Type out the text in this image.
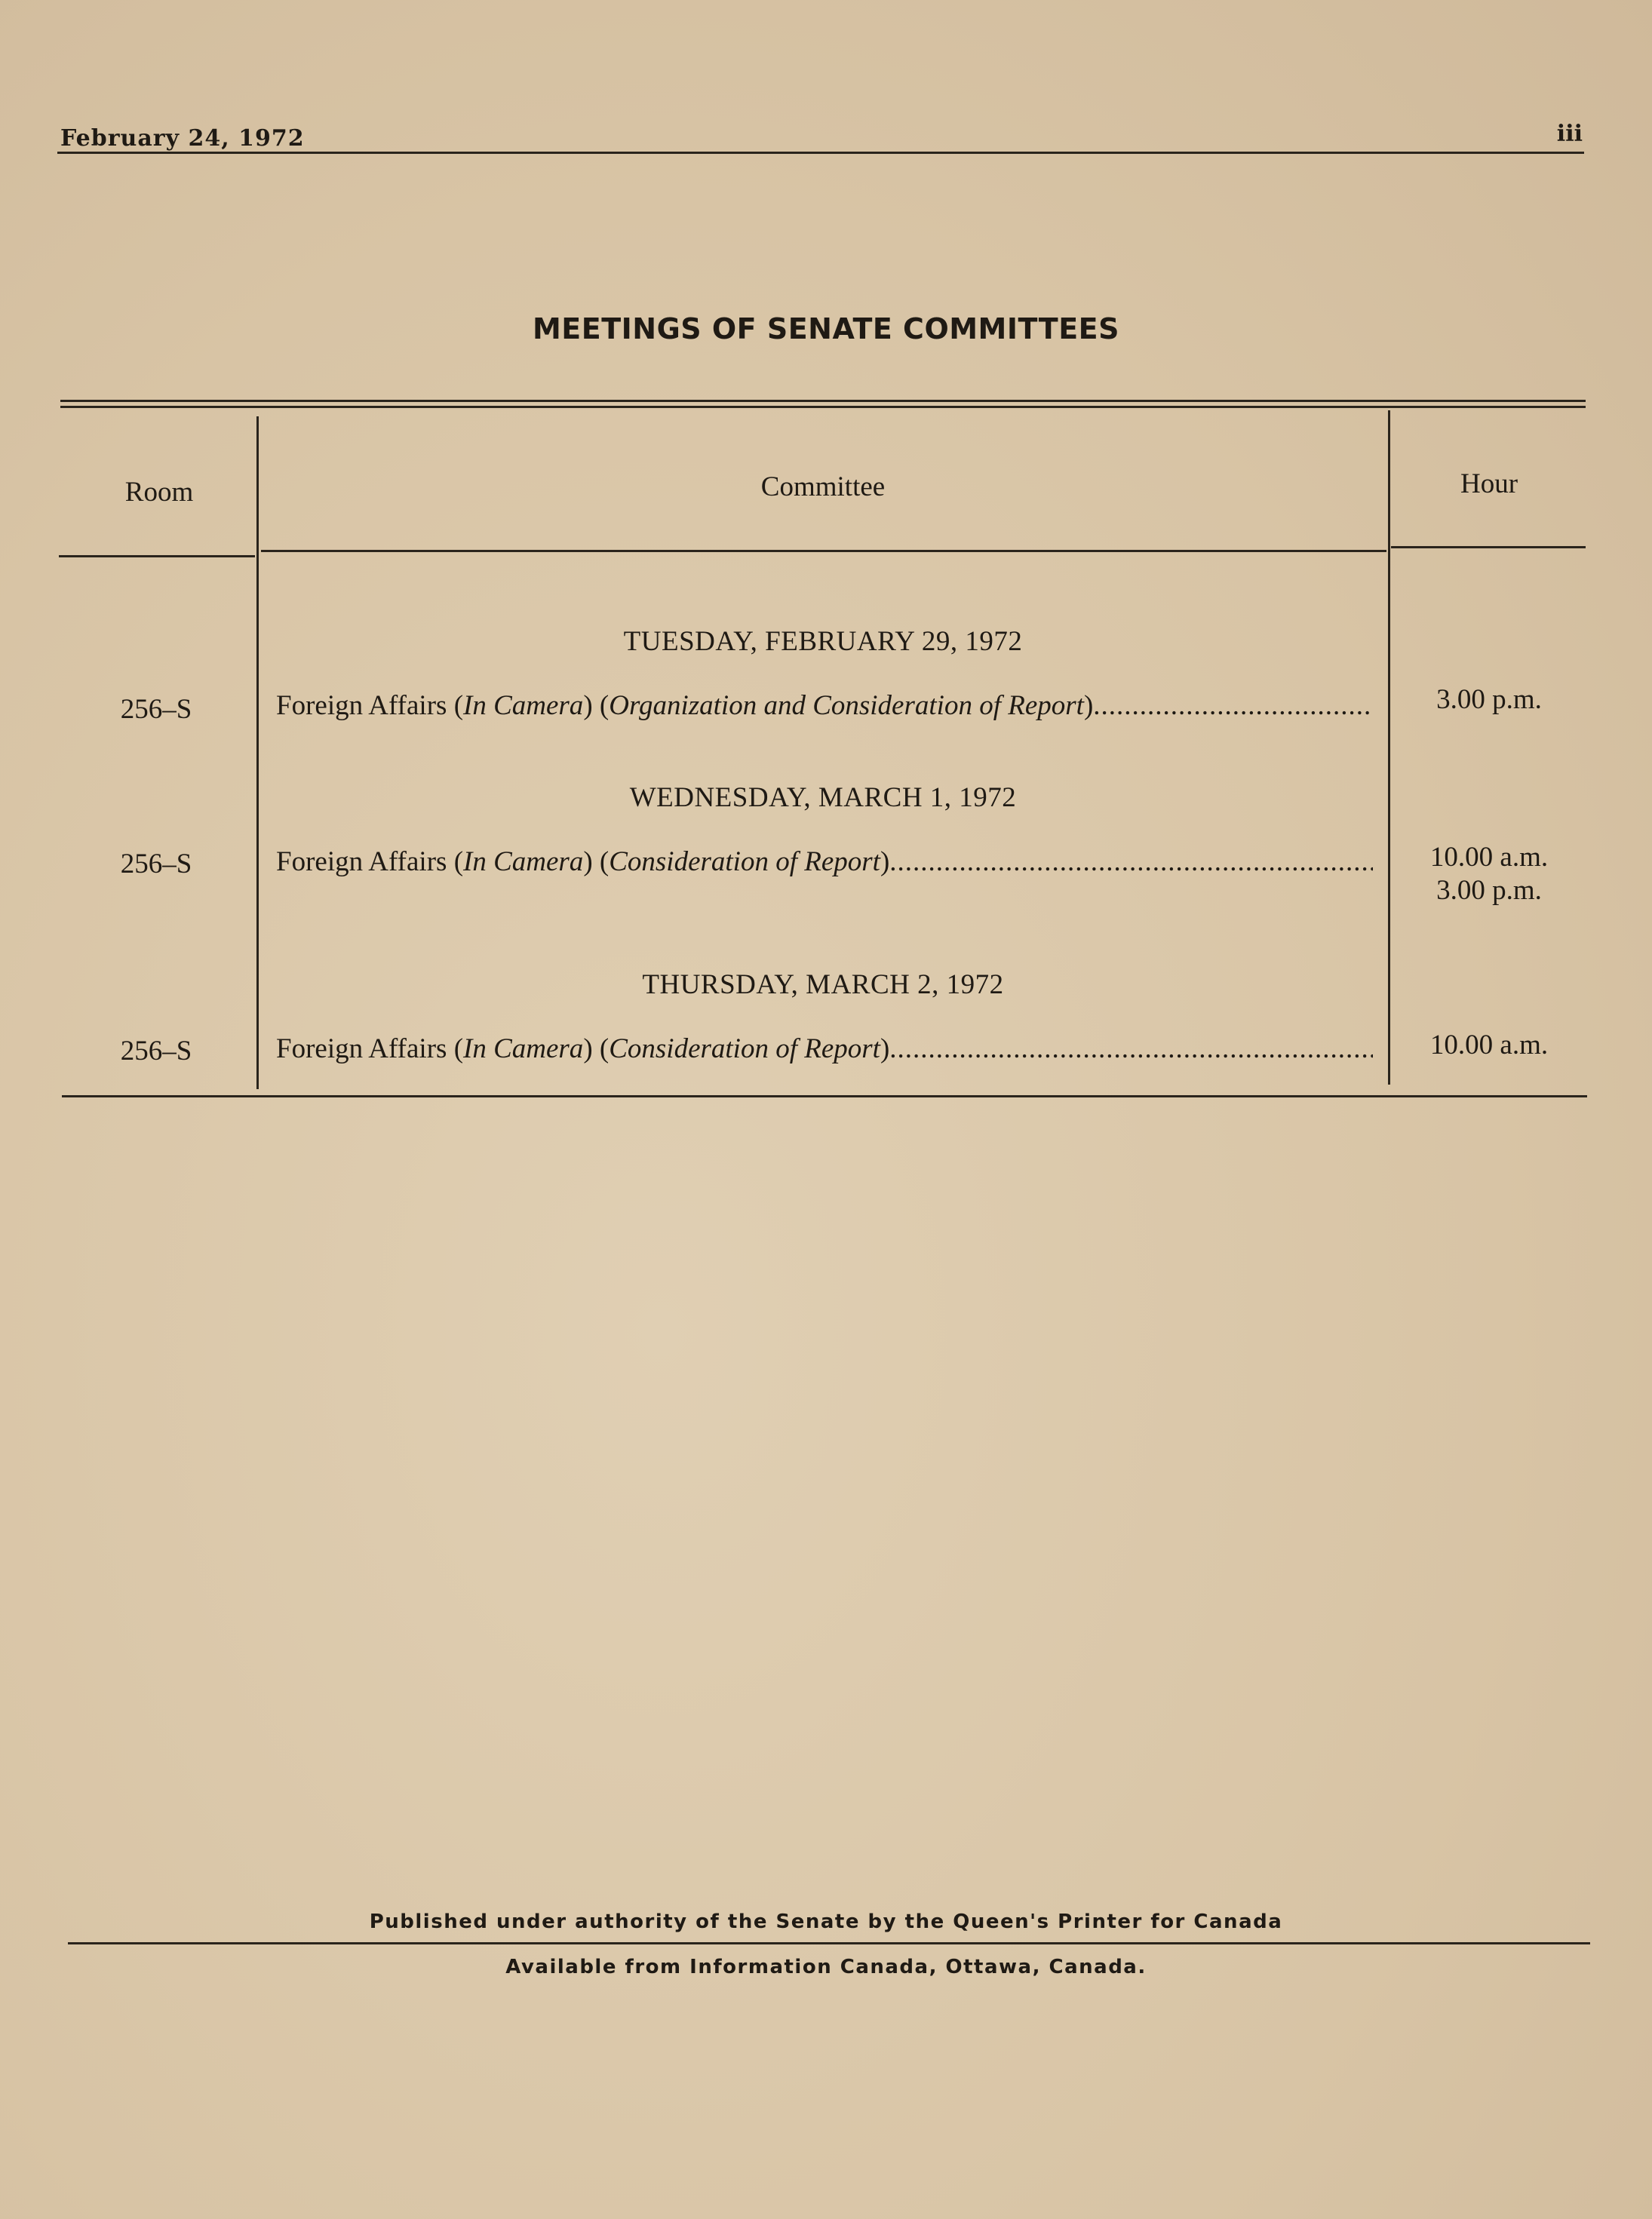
February 24, 1972	iii
MEETINGS OF SENATE COMMITTEES
Room	Committee	Hour
TUESDAY, FEBRUARY 29, 1972
256–S	Foreign Affairs ( In Camera ) ( Organization and Consideration of Report ) .....	3.00 p.m.
WEDNESDAY, MARCH 1, 1972
256–S	Foreign Affairs ( In Camera ) ( Consideration of Report ) .....	10.00 a.m.
3.00 p.m.
THURSDAY, MARCH 2, 1972
256–S	Foreign Affairs ( In Camera ) ( Consideration of Report ) .....	10.00 a.m.
Published under authority of the Senate by the Queen's Printer for Canada
Available from Information Canada, Ottawa, Canada.
